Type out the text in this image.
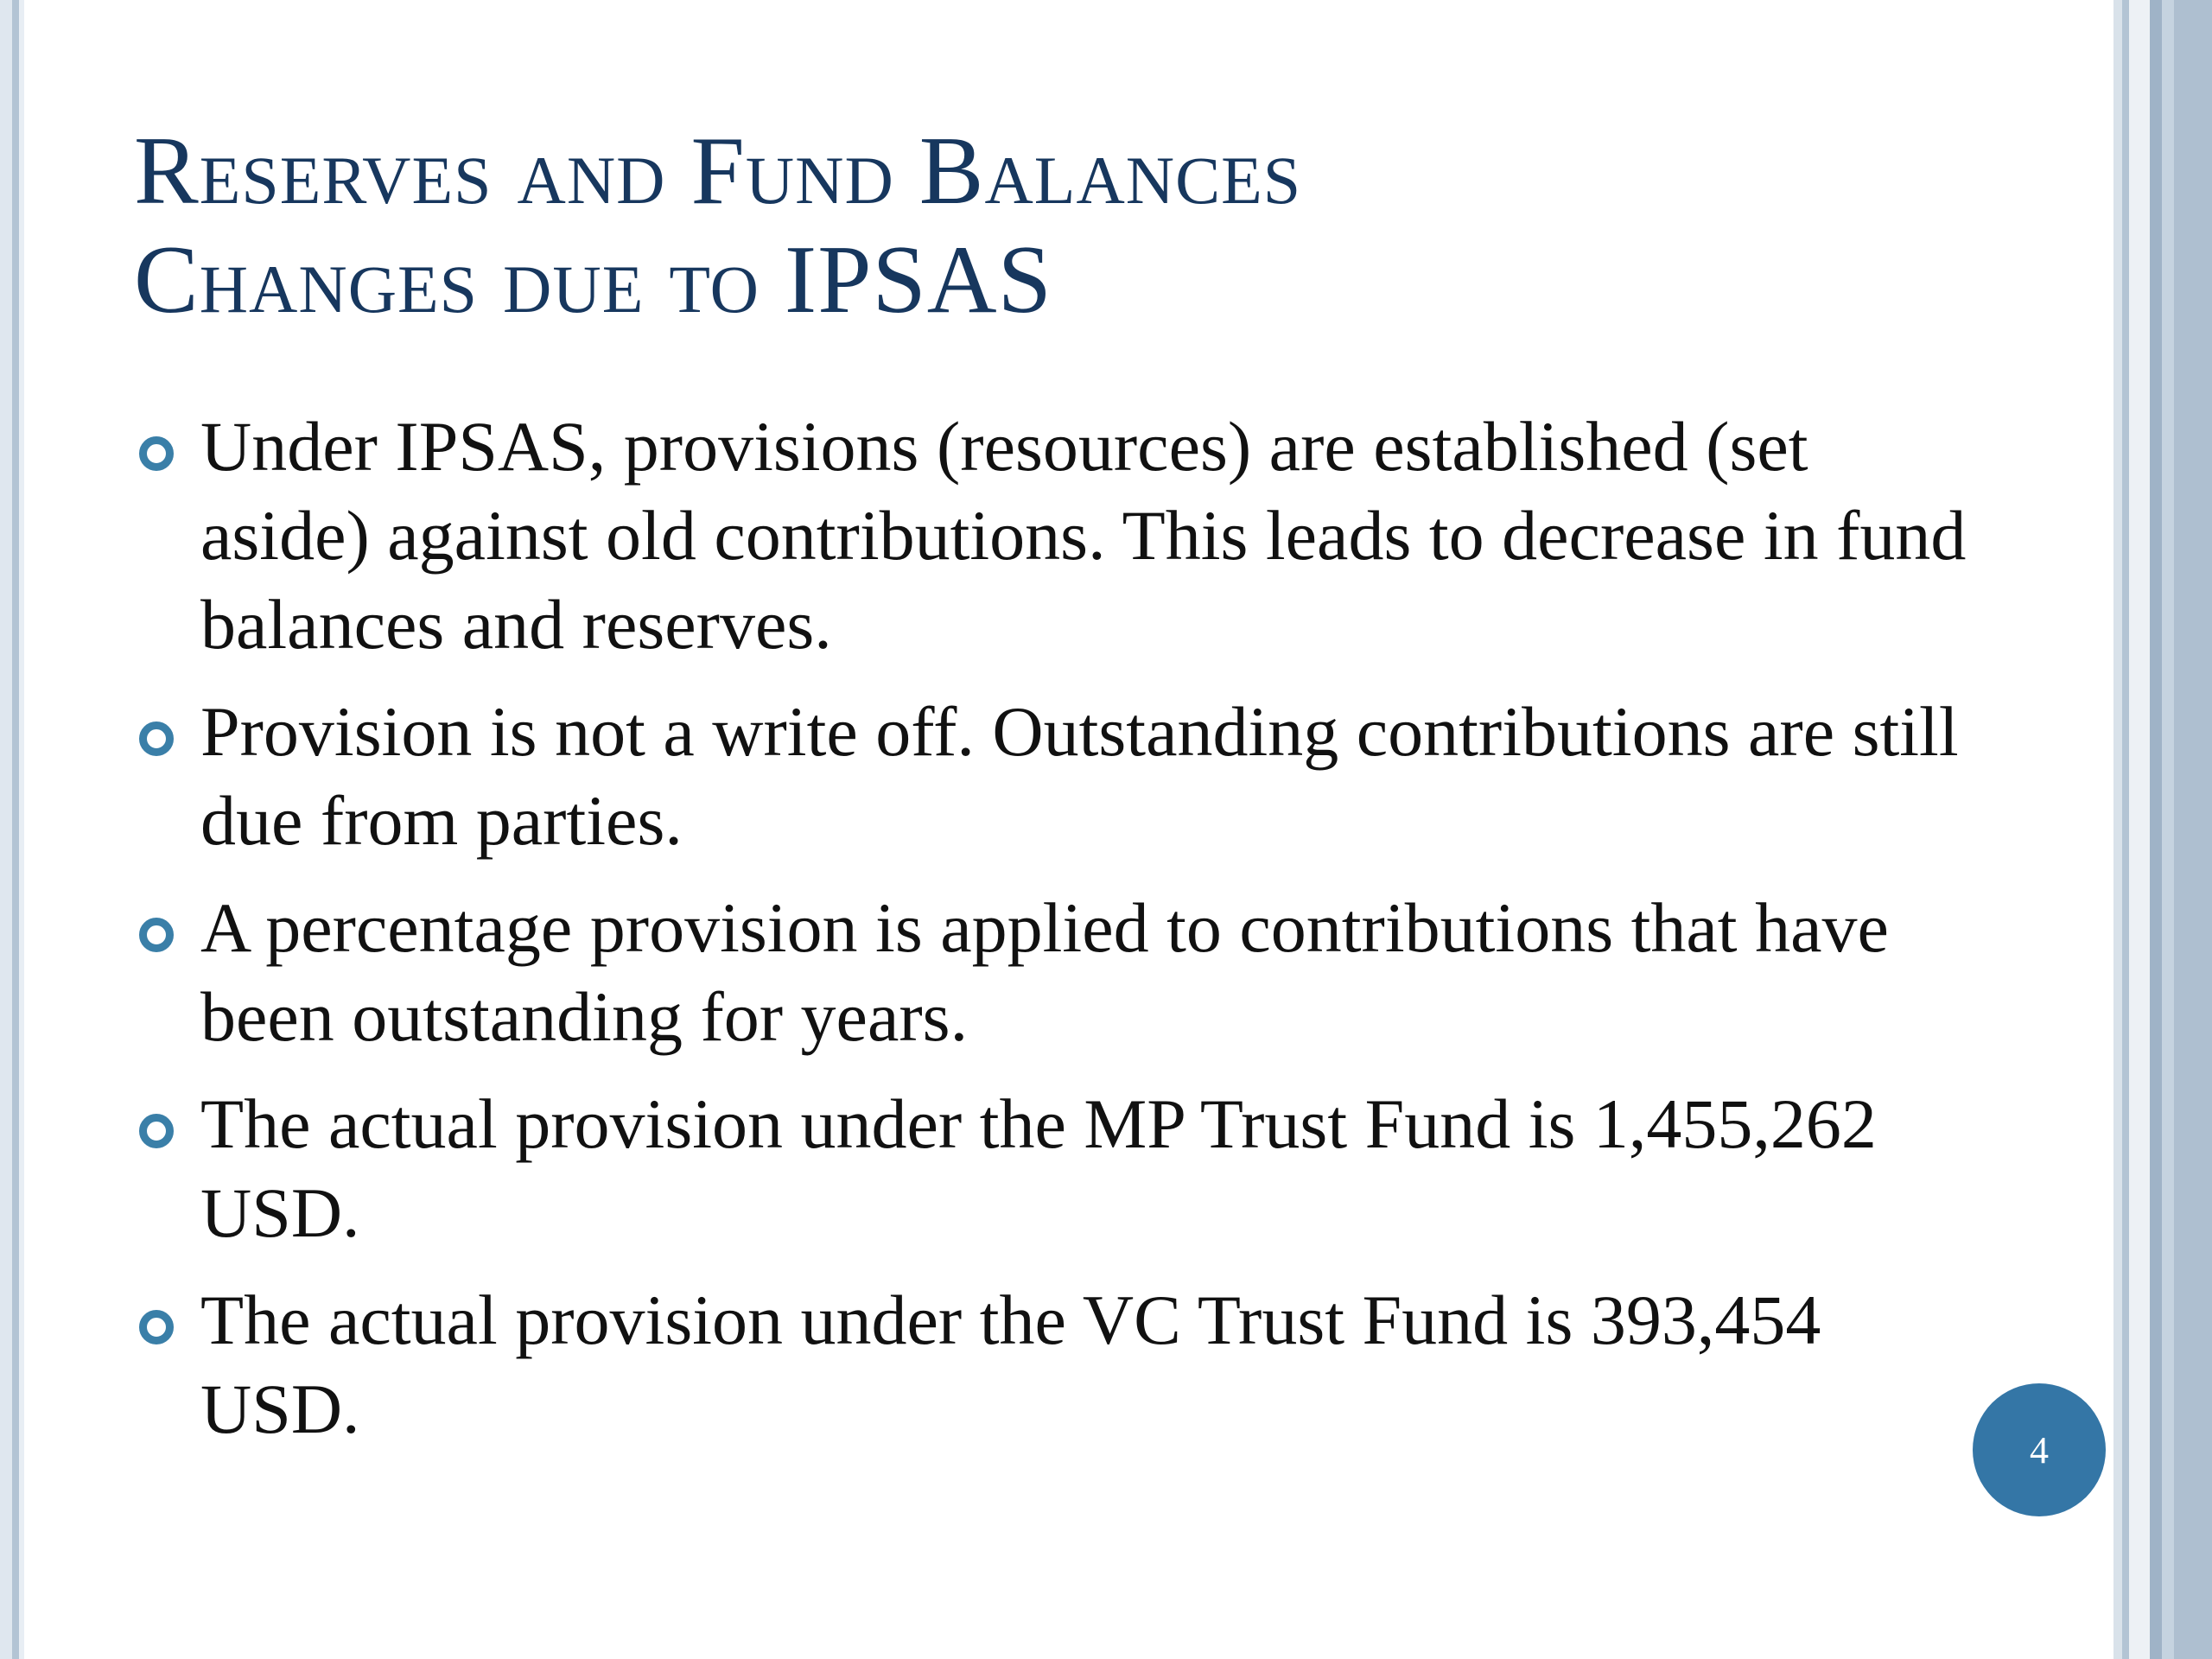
Reserves and Fund Balances
Changes due to IPSAS
Under IPSAS, provisions (resources) are established (set aside) against old contributions. This leads to decrease in fund balances and reserves.
Provision is not a write off. Outstanding contributions are still due from parties.
A percentage provision is applied to contributions that have been outstanding for years.
The actual provision under the MP Trust Fund is 1,455,262 USD.
The actual provision under the VC Trust Fund is 393,454 USD.
4
